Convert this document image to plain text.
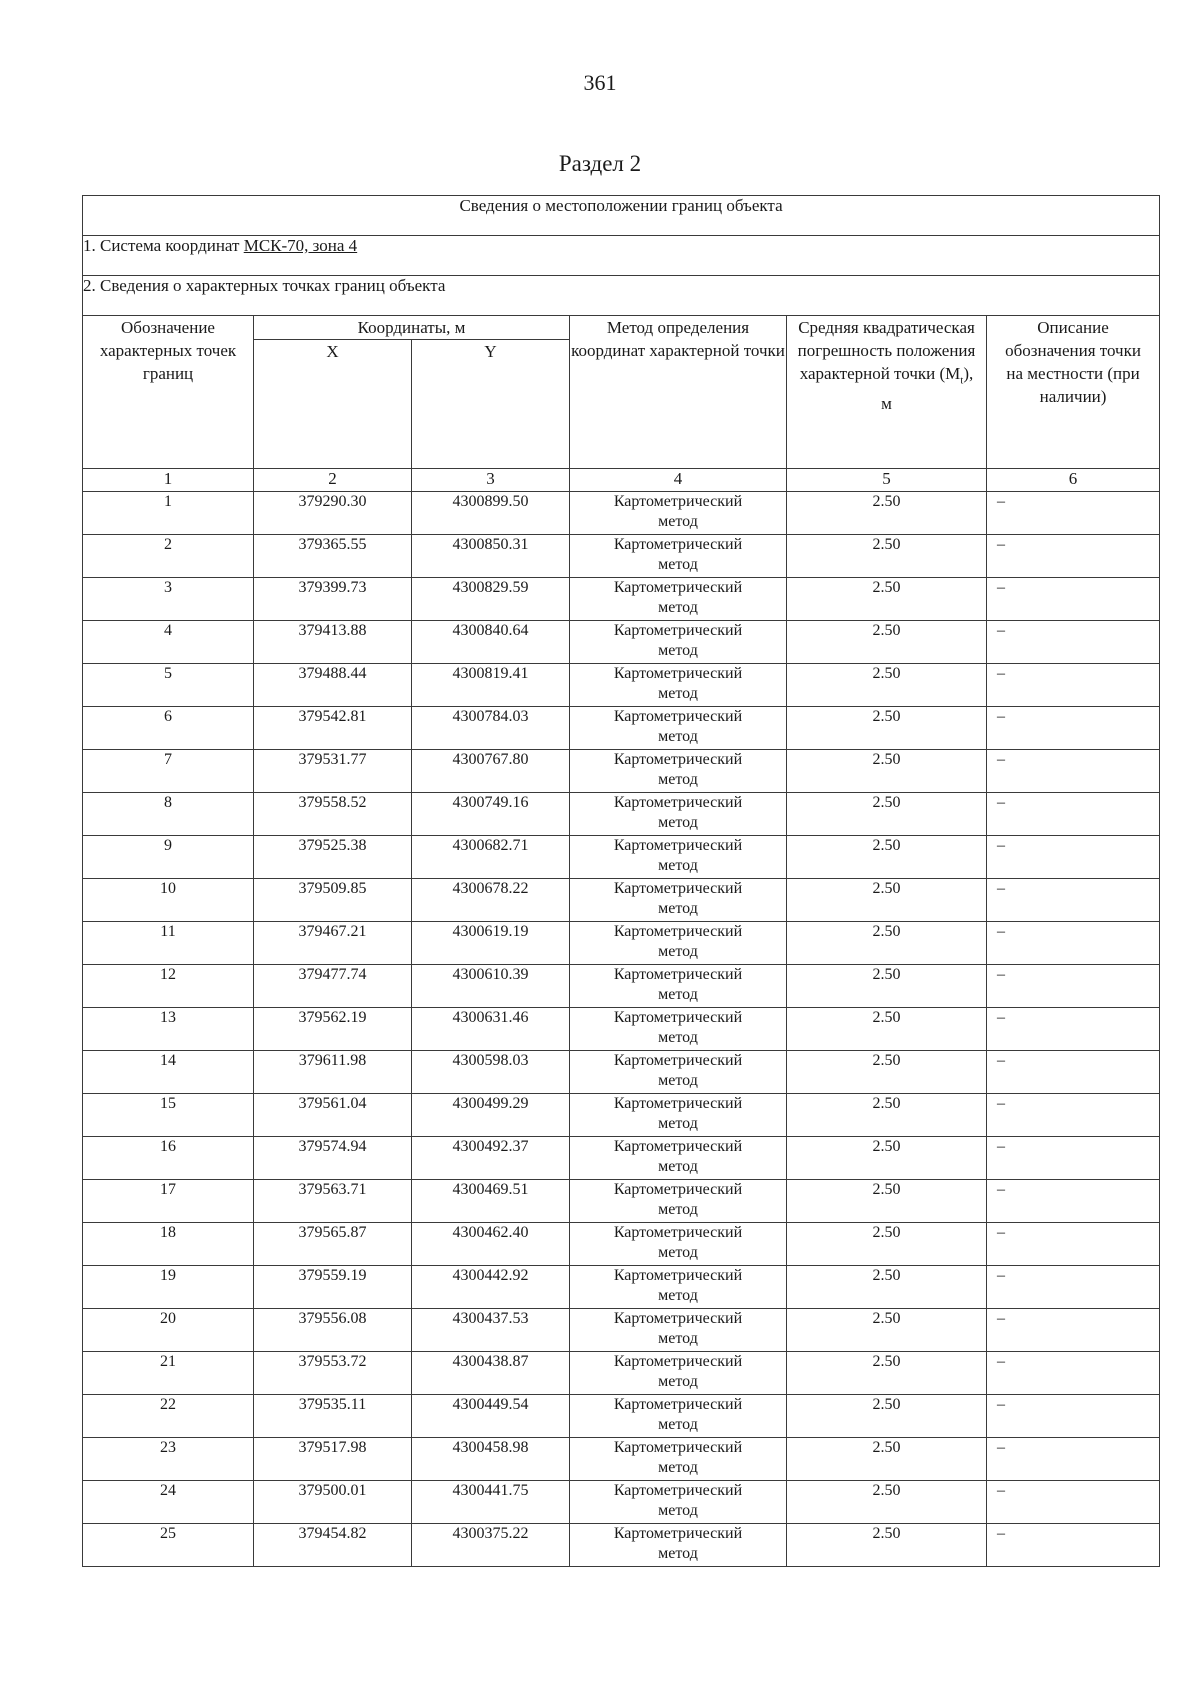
361
Раздел 2
Сведения о местоположении границ объекта					
1. Система координат МСК-70, зона 4					
2. Сведения о характерных точках границ объекта					
Обозначение характерных точек границ	Координаты, м		Метод определения координат характерной точки	Средняя квадратическая погрешность положения характерной точки $(M_t)$, м	Описание обозначения точки на местности (при наличии)
	X	Y			
1	2	3	4	5	6
1	379290.30	4300899.50	Картометрический метод	2.50	–
2	379365.55	4300850.31	Картометрический метод	2.50	–
3	379399.73	4300829.59	Картометрический метод	2.50	–
4	379413.88	4300840.64	Картометрический метод	2.50	–
5	379488.44	4300819.41	Картометрический метод	2.50	–
6	379542.81	4300784.03	Картометрический метод	2.50	–
7	379531.77	4300767.80	Картометрический метод	2.50	–
8	379558.52	4300749.16	Картометрический метод	2.50	–
9	379525.38	4300682.71	Картометрический метод	2.50	–
10	379509.85	4300678.22	Картометрический метод	2.50	–
11	379467.21	4300619.19	Картометрический метод	2.50	–
12	379477.74	4300610.39	Картометрический метод	2.50	–
13	379562.19	4300631.46	Картометрический метод	2.50	–
14	379611.98	4300598.03	Картометрический метод	2.50	–
15	379561.04	4300499.29	Картометрический метод	2.50	–
16	379574.94	4300492.37	Картометрический метод	2.50	–
17	379563.71	4300469.51	Картометрический метод	2.50	–
18	379565.87	4300462.40	Картометрический метод	2.50	–
19	379559.19	4300442.92	Картометрический метод	2.50	–
20	379556.08	4300437.53	Картометрический метод	2.50	–
21	379553.72	4300438.87	Картометрический метод	2.50	–
22	379535.11	4300449.54	Картометрический метод	2.50	–
23	379517.98	4300458.98	Картометрический метод	2.50	–
24	379500.01	4300441.75	Картометрический метод	2.50	–
25	379454.82	4300375.22	Картометрический метод	2.50	–
